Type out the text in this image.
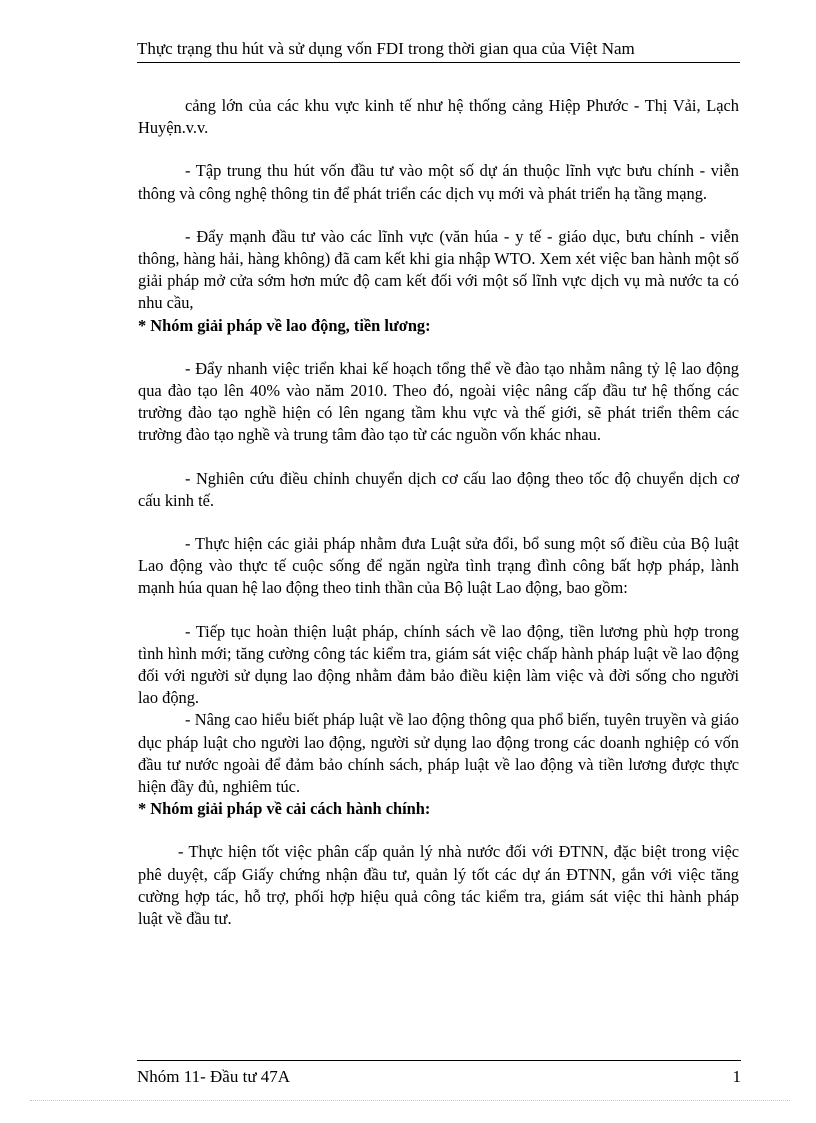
Thực trạng thu hút và sử dụng vốn FDI trong thời gian qua của Việt Nam

cảng lớn của các khu vực kinh tế như hệ thống cảng Hiệp Phước - Thị Vải, Lạch Huyện.v.v.

- Tập trung thu hút vốn đầu tư vào một số dự án thuộc lĩnh vực bưu chính - viễn thông và công nghệ thông tin để phát triển các dịch vụ mới và phát triển hạ tầng mạng.

- Đẩy mạnh đầu tư vào các lĩnh vực (văn húa - y tế - giáo dục, bưu chính - viễn thông, hàng hải, hàng không) đã cam kết khi gia nhập WTO. Xem xét việc ban hành một số giải pháp mở cửa sớm hơn mức độ cam kết đối với một số lĩnh vực dịch vụ mà nước ta có nhu cầu,

* Nhóm giải pháp về lao động, tiền lương:

- Đẩy nhanh việc triển khai kế hoạch tổng thể về đào tạo nhằm nâng tỷ lệ lao động qua đào tạo lên 40% vào năm 2010. Theo đó, ngoài việc nâng cấp đầu tư hệ thống các trường đào tạo nghề hiện có lên ngang tầm khu vực và thế giới, sẽ phát triển thêm các trường đào tạo nghề và trung tâm đào tạo từ các nguồn vốn khác nhau.

- Nghiên cứu điều chỉnh chuyển dịch cơ cấu lao động theo tốc độ chuyển dịch cơ cấu kinh tế.

- Thực hiện các giải pháp nhằm đưa Luật sửa đổi, bổ sung một số điều của Bộ luật Lao động vào thực tế cuộc sống để ngăn ngừa tình trạng đình công bất hợp pháp, lành mạnh húa quan hệ lao động theo tinh thần của Bộ luật Lao động, bao gồm:

- Tiếp tục hoàn thiện luật pháp, chính sách về lao động, tiền lương phù hợp trong tình hình mới; tăng cường công tác kiểm tra, giám sát việc chấp hành pháp luật về lao động đối với người sử dụng lao động nhằm đảm bảo điều kiện làm việc và đời sống cho người lao động.

- Nâng cao hiểu biết pháp luật về lao động thông qua phổ biến, tuyên truyền và giáo dục pháp luật cho người lao động, người sử dụng lao động trong các doanh nghiệp có vốn đầu tư nước ngoài để đảm bảo chính sách, pháp luật về lao động và tiền lương được thực hiện đầy đủ, nghiêm túc.

* Nhóm giải pháp về cải cách hành chính:

- Thực hiện tốt việc phân cấp quản lý nhà nước đối với ĐTNN, đặc biệt trong việc phê duyệt, cấp Giấy chứng nhận đầu tư, quản lý tốt các dự án ĐTNN, gắn với việc tăng cường hợp tác, hỗ trợ, phối hợp hiệu quả công tác kiểm tra, giám sát việc thi hành pháp luật về đầu tư.

Nhóm 11- Đầu tư 47A	1
